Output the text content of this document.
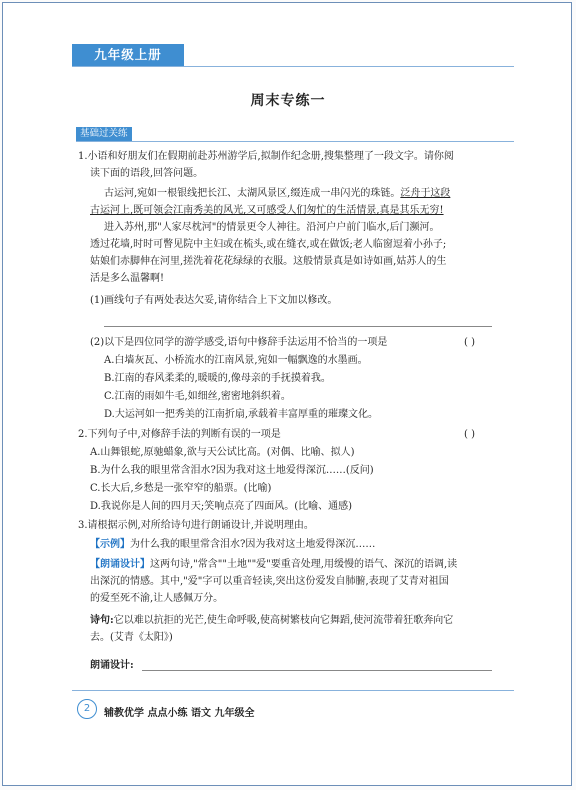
九年级上册
周末专练一
基础过关练
1.小语和好朋友们在假期前赴苏州游学后,拟制作纪念册,搜集整理了一段文字。请你阅
读下面的语段,回答问题。
古运河,宛如一根银线把长江、太湖风景区,缀连成一串闪光的珠链。泛舟于这段
古运河上,既可领会江南秀美的风光,又可感受人们匆忙的生活情景,真是其乐无穷!
进入苏州,那"人家尽枕河"的情景更令人神往。沿河户户前门临水,后门濒河。
透过花墙,时时可瞥见院中主妇或在梳头,或在缝衣,或在做饭;老人临窗逗着小孙子;
姑娘们赤脚伸在河里,搓洗着花花绿绿的衣服。这般情景真是如诗如画,姑苏人的生
活是多么温馨啊!
(1)画线句子有两处表达欠妥,请你结合上下文加以修改。
(2)以下是四位同学的游学感受,语句中修辞手法运用不恰当的一项是	( )
A.白墙灰瓦、小桥流水的江南风景,宛如一幅飘逸的水墨画。
B.江南的春风柔柔的,暖暖的,像母亲的手抚摸着我。
C.江南的雨如牛毛,如细丝,密密地斜织着。
D.大运河如一把秀美的江南折扇,承载着丰富厚重的璀璨文化。
2.下列句子中,对修辞手法的判断有误的一项是	( )
A.山舞银蛇,原驰蜡象,欲与天公试比高。(对偶、比喻、拟人)
B.为什么我的眼里常含泪水?因为我对这土地爱得深沉……(反问)
C.长大后,乡愁是一张窄窄的船票。(比喻)
D.我说你是人间的四月天;笑响点亮了四面风。(比喻、通感)
3.请根据示例,对所给诗句进行朗诵设计,并说明理由。
【示例】为什么我的眼里常含泪水?因为我对这土地爱得深沉……
【朗诵设计】这两句诗,"常含""土地""爱"要重音处理,用缓慢的语气、深沉的语调,读
出深沉的情感。其中,"爱"字可以重音轻读,突出这份爱发自肺腑,表现了艾青对祖国
的爱至死不渝,让人感佩万分。
诗句:它以难以抗拒的光芒,使生命呼吸,使高树繁枝向它舞蹈,使河流带着狂歌奔向它
去。(艾青《太阳》)
朗诵设计:
2	辅教优学 点点小练 语文 九年级全
